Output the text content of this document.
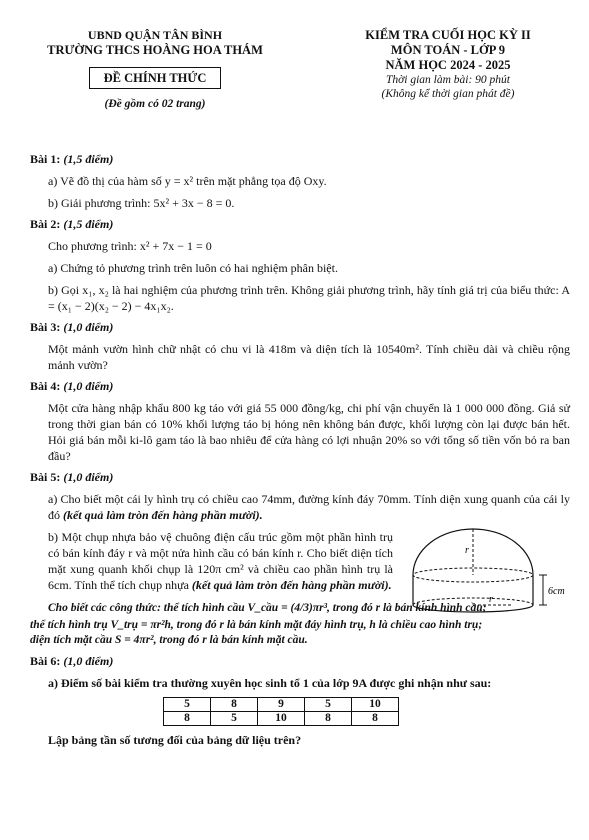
UBND QUẬN TÂN BÌNH
TRƯỜNG THCS HOÀNG HOA THÁM
ĐỀ CHÍNH THỨC
(Đề gồm có 02 trang)
KIỂM TRA CUỐI HỌC KỲ II
MÔN TOÁN - LỚP 9
NĂM HỌC 2024 - 2025
Thời gian làm bài: 90 phút
(Không kể thời gian phát đề)

Bài 1: (1,5 điểm)

a) Vẽ đồ thị của hàm số y = x² trên mặt phẳng tọa độ Oxy.

b) Giải phương trình: 5x² + 3x − 8 = 0.

Bài 2: (1,5 điểm)

Cho phương trình: x² + 7x − 1 = 0

a) Chứng tỏ phương trình trên luôn có hai nghiệm phân biệt.

b) Gọi x₁, x₂ là hai nghiệm của phương trình trên. Không giải phương trình, hãy tính giá trị của biểu thức: A = (x₁ − 2)(x₂ − 2) − 4x₁x₂.

Bài 3: (1,0 điểm)

Một mảnh vườn hình chữ nhật có chu vi là 418m và diện tích là 10540m². Tính chiều dài và chiều rộng mảnh vườn?

Bài 4: (1,0 điểm)

Một cửa hàng nhập khẩu 800 kg táo với giá 55 000 đồng/kg, chi phí vận chuyển là 1 000 000 đồng. Giả sử trong thời gian bán có 10% khối lượng táo bị hỏng nên không bán được, khối lượng còn lại được bán hết. Hỏi giá bán mỗi ki-lô gam táo là bao nhiêu để cửa hàng có lợi nhuận 20% so với tổng số tiền vốn bỏ ra ban đầu?

Bài 5: (1,0 điểm)

a) Cho biết một cái ly hình trụ có chiều cao 74mm, đường kính đáy 70mm. Tính diện xung quanh của cái ly đó (kết quả làm tròn đến hàng phần mười).

b) Một chụp nhựa bảo vệ chuông điện cấu trúc gồm một phần hình trụ có bán kính đáy r và một nửa hình cầu có bán kính r. Cho biết diện tích mặt xung quanh khối chụp là 120π cm² và chiều cao phần hình trụ là 6cm. Tính thể tích chụp nhựa (kết quả làm tròn đến hàng phần mười).

r
r
6cm

Cho biết các công thức: thể tích hình cầu V_cầu = (4/3)πr³, trong đó r là bán kính hình cầu;

thể tích hình trụ V_trụ = πr²h, trong đó r là bán kính mặt đáy hình trụ, h là chiều cao hình trụ;

diện tích mặt cầu S = 4πr², trong đó r là bán kính mặt cầu.

Bài 6: (1,0 điểm)

a) Điểm số bài kiểm tra thường xuyên học sinh tổ 1 của lớp 9A được ghi nhận như sau:

5	8	9	5	10
8	5	10	8	8

Lập bảng tần số tương đối của bảng dữ liệu trên?
